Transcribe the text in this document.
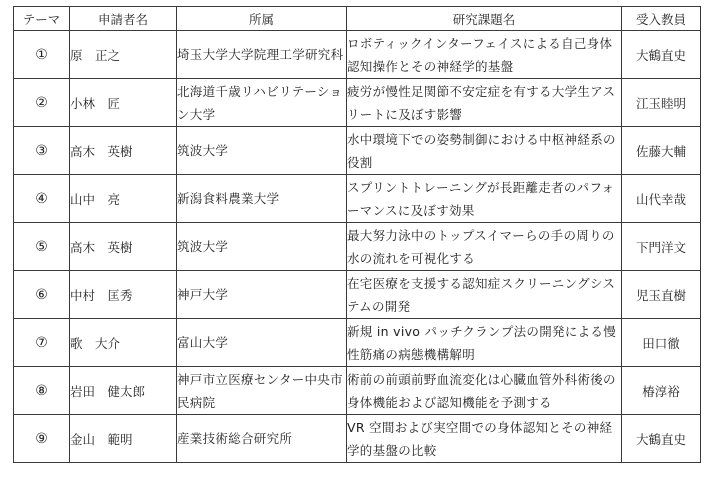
テーマ	申請者名	所属	研究課題名	受入教員
①	原　正之	埼玉大学大学院理工学研究科	ロボティックインターフェイスによる自己身体認知操作とその神経学的基盤	大鶴直史
②	小林　匠	北海道千歳リハビリテーション大学	疲労が慢性足関節不安定症を有する大学生アスリートに及ぼす影響	江玉睦明
③	高木　英樹	筑波大学	水中環境下での姿勢制御における中枢神経系の役割	佐藤大輔
④	山中　亮	新潟食料農業大学	スプリントトレーニングが長距離走者のパフォーマンスに及ぼす効果	山代幸哉
⑤	高木　英樹	筑波大学	最大努力泳中のトップスイマーらの手の周りの水の流れを可視化する	下門洋文
⑥	中村　匡秀	神戸大学	在宅医療を支援する認知症スクリーニングシステムの開発	児玉直樹
⑦	歌　大介	富山大学	新規 in vivo パッチクランプ法の開発による慢性筋痛の病態機構解明	田口徹
⑧	岩田　健太郎	神戸市立医療センター中央市民病院	術前の前頭前野血流変化は心臓血管外科術後の身体機能および認知機能を予測する	椿淳裕
⑨	金山　範明	産業技術総合研究所	VR 空間および実空間での身体認知とその神経学的基盤の比較	大鶴直史
